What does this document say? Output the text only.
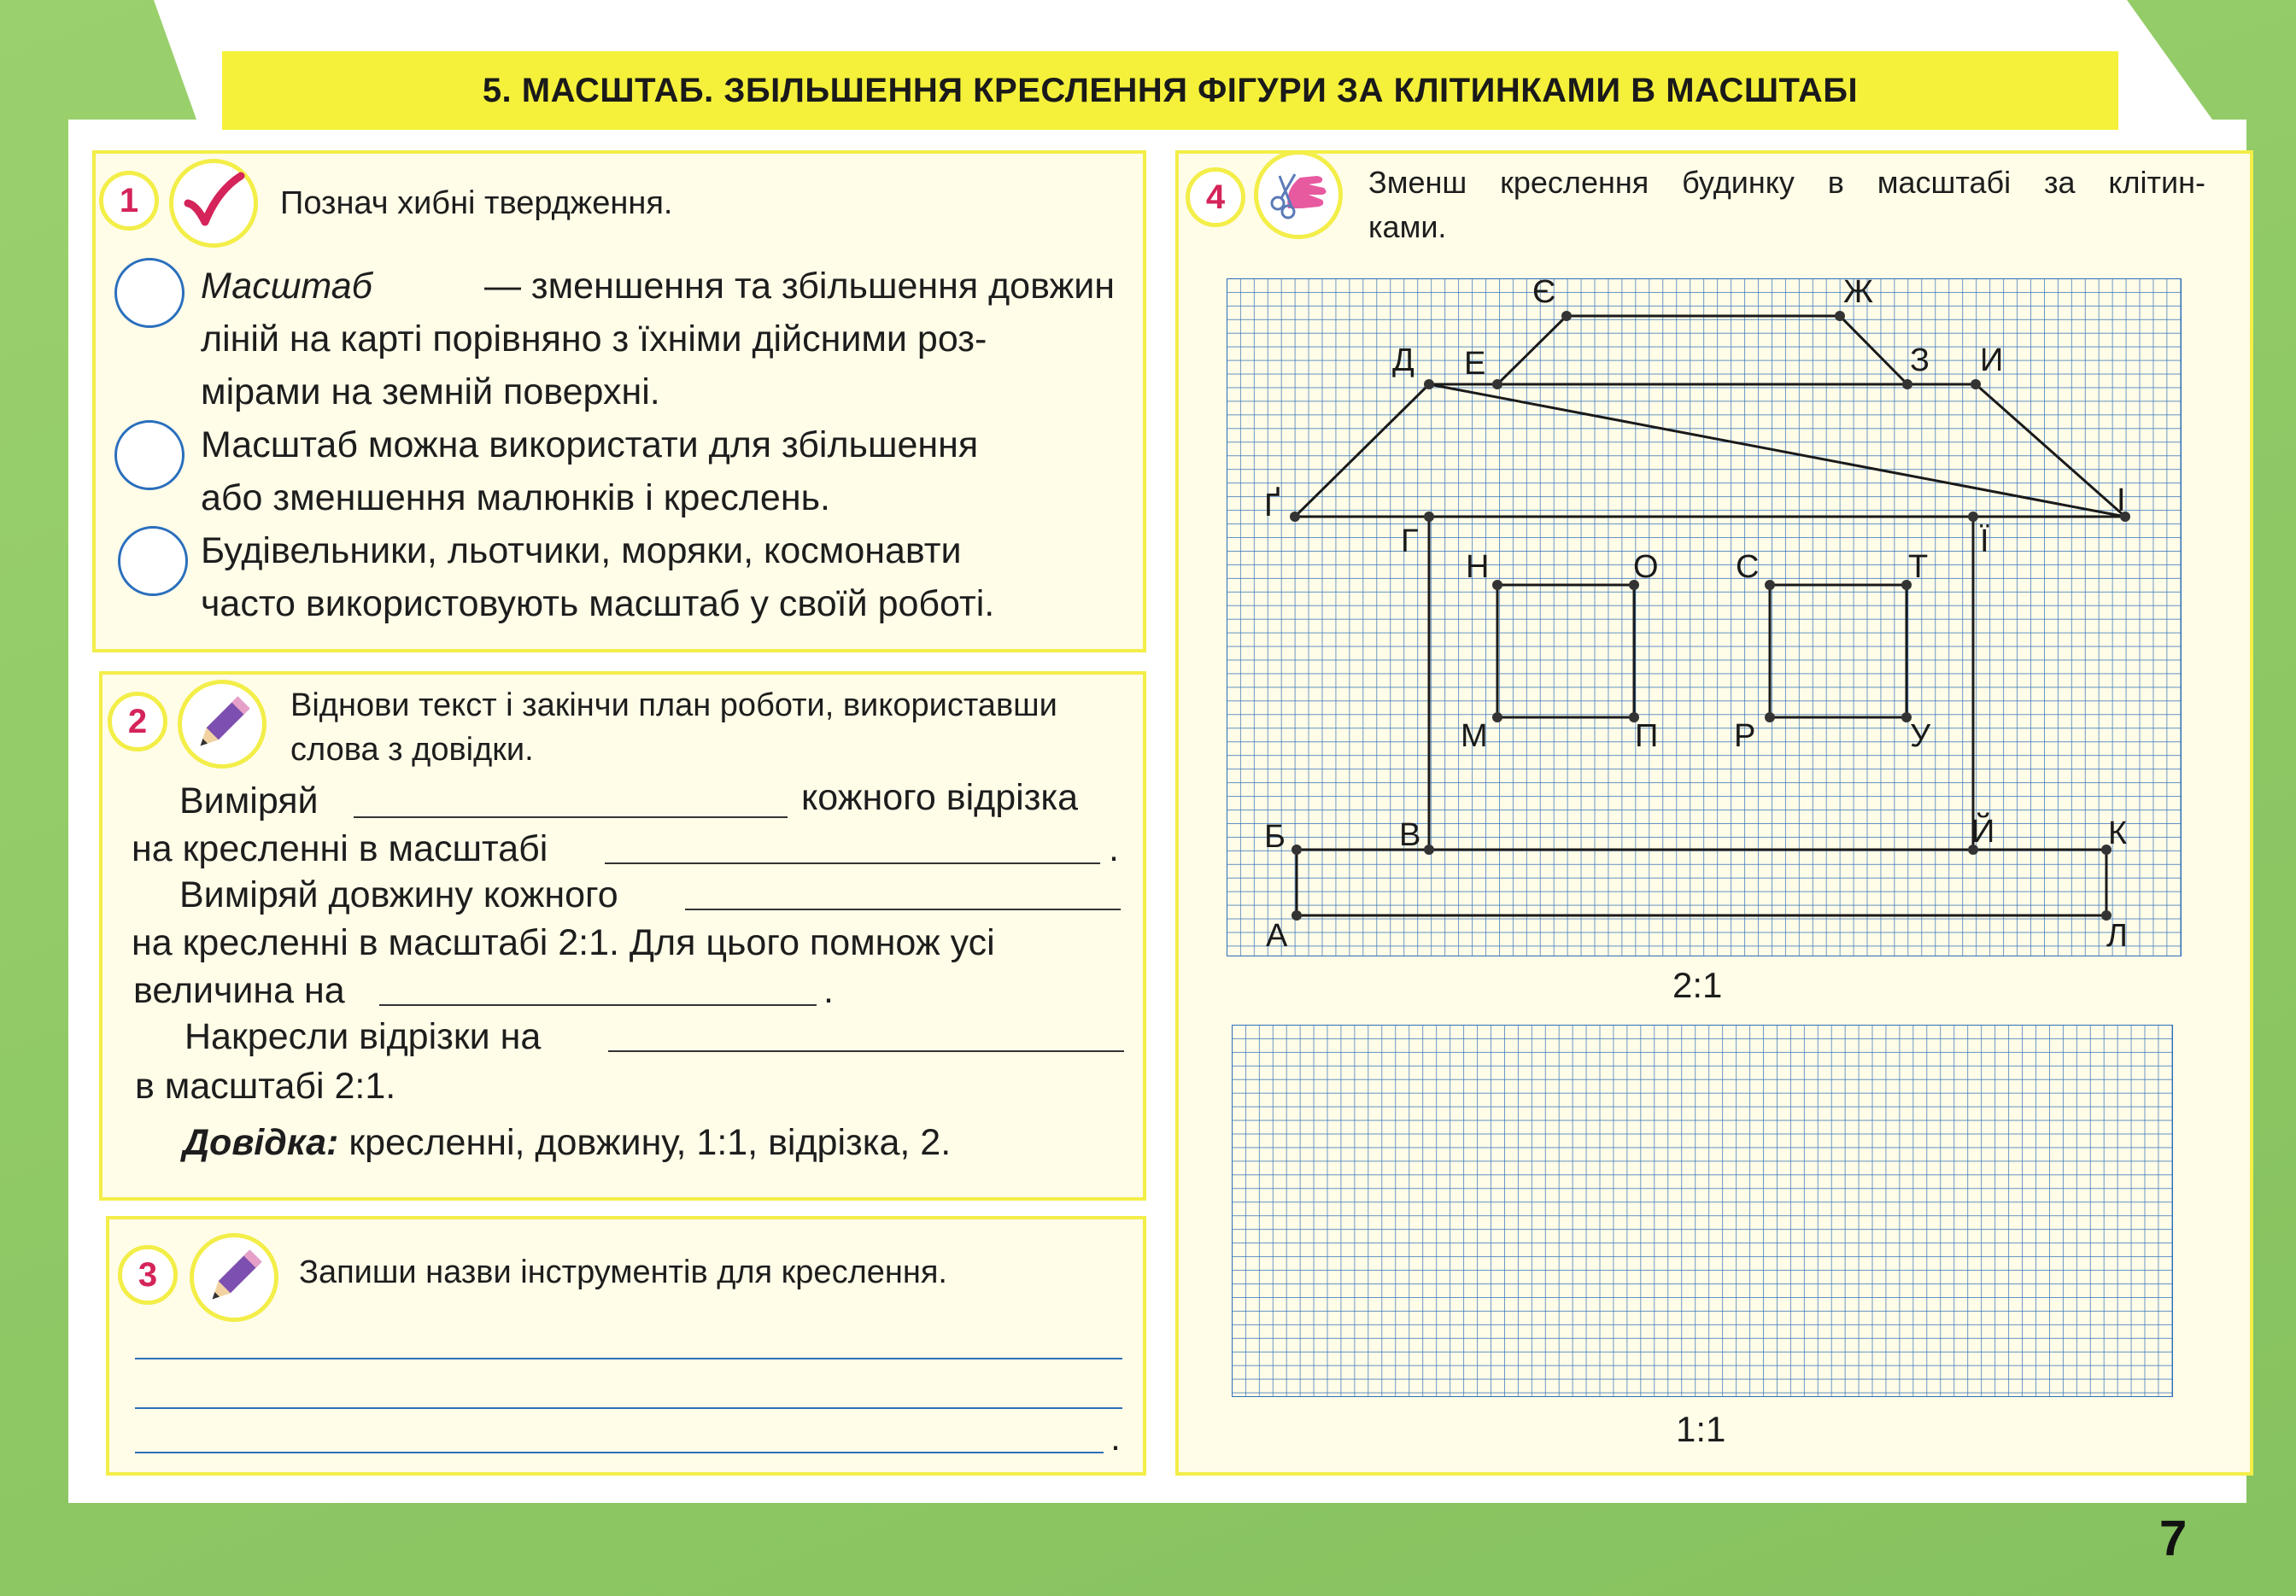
5. МАСШТАБ. ЗБІЛЬШЕННЯ КРЕСЛЕННЯ ФІГУРИ ЗА КЛІТИНКАМИ В МАСШТАБІ
1	Познач хибні твердження.
Масштаб	— зменшення та збільшення довжин
ліній на карті порівняно з їхніми дійсними роз-
мірами на земній поверхні.
Масштаб можна використати для збільшення
або зменшення малюнків і креслень.
Будівельники, льотчики, моряки, космонавти
часто використовують масштаб у своїй роботі.
2	Віднови текст і закінчи план роботи, використавши
слова з довідки.
Виміряй	кожного відрізка
на кресленні в масштабі	.
Виміряй довжину кожного
на кресленні в масштабі 2:1. Для цього помнож усі
величина на	.
Накресли відрізки на
в масштабі 2:1.
Довідка: кресленні, довжину, 1:1, відрізка, 2.
3	Запиши назви інструментів для креслення.
.
4	Зменш креслення будинку в масштабі за клітин-
ками.
Є	Ж
Д Е	З И
Ґ	І
Г	Ї
Н	О С	Т
М	П Р	У
Б	В	Й	К
А	Л
2:1
1:1
7
